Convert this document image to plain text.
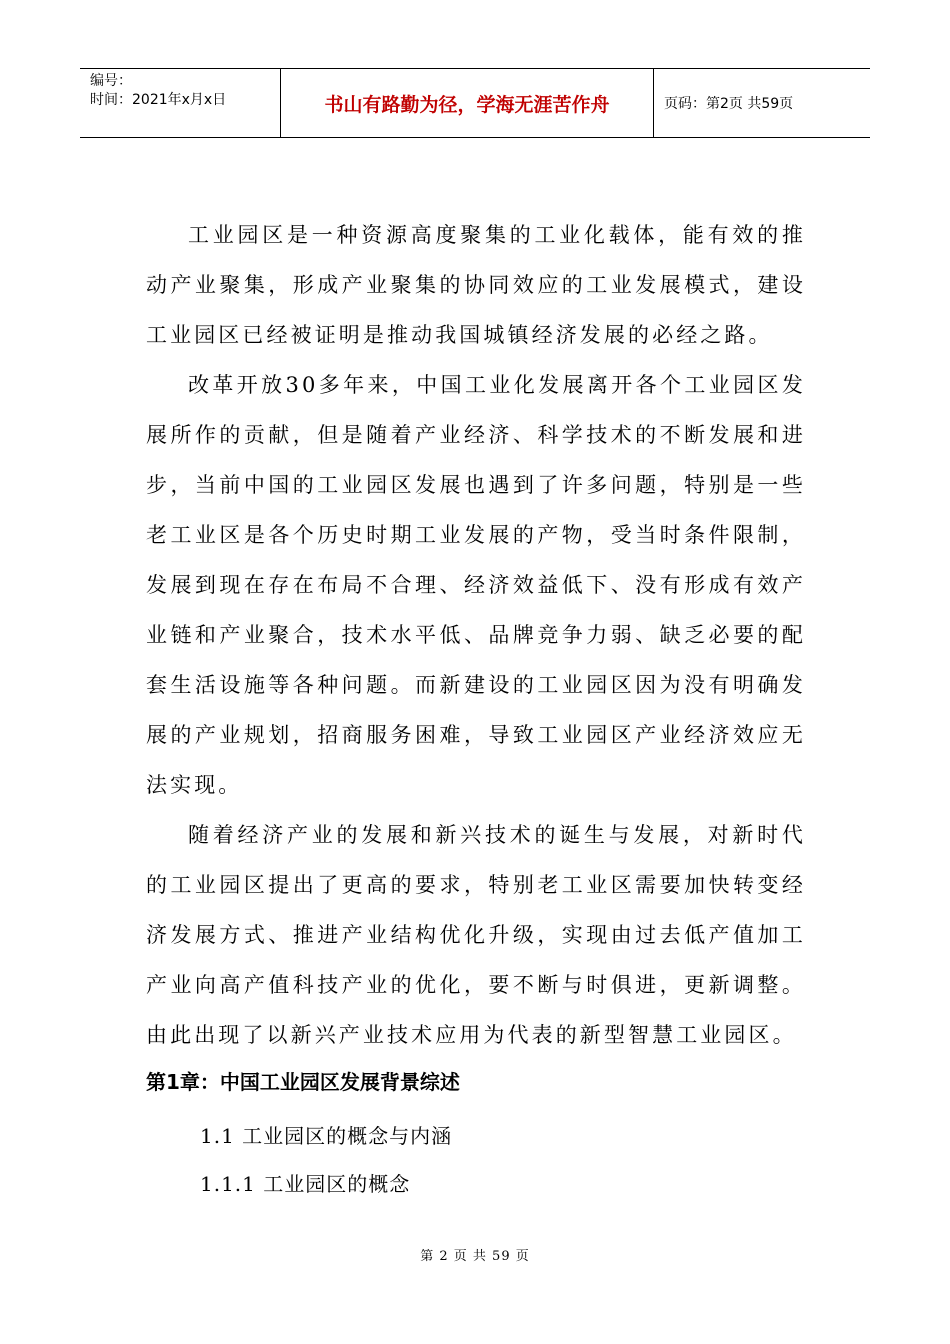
编号：
时间：2021年x月x日	书山有路勤为径，学海无涯苦作舟	页码：第2页 共59页

工业园区是一种资源高度聚集的工业化载体，能有效的推动产业聚集，形成产业聚集的协同效应的工业发展模式，建设工业园区已经被证明是推动我国城镇经济发展的必经之路。

改革开放30多年来，中国工业化发展离开各个工业园区发展所作的贡献，但是随着产业经济、科学技术的不断发展和进步，当前中国的工业园区发展也遇到了许多问题，特别是一些老工业区是各个历史时期工业发展的产物，受当时条件限制，发展到现在存在布局不合理、经济效益低下、没有形成有效产业链和产业聚合，技术水平低、品牌竞争力弱、缺乏必要的配套生活设施等各种问题。而新建设的工业园区因为没有明确发展的产业规划，招商服务困难，导致工业园区产业经济效应无法实现。

随着经济产业的发展和新兴技术的诞生与发展，对新时代的工业园区提出了更高的要求，特别老工业区需要加快转变经济发展方式、推进产业结构优化升级，实现由过去低产值加工产业向高产值科技产业的优化，要不断与时俱进，更新调整。由此出现了以新兴产业技术应用为代表的新型智慧工业园区。

第1章：中国工业园区发展背景综述
1.1 工业园区的概念与内涵
1.1.1 工业园区的概念
第 2 页 共 59 页
